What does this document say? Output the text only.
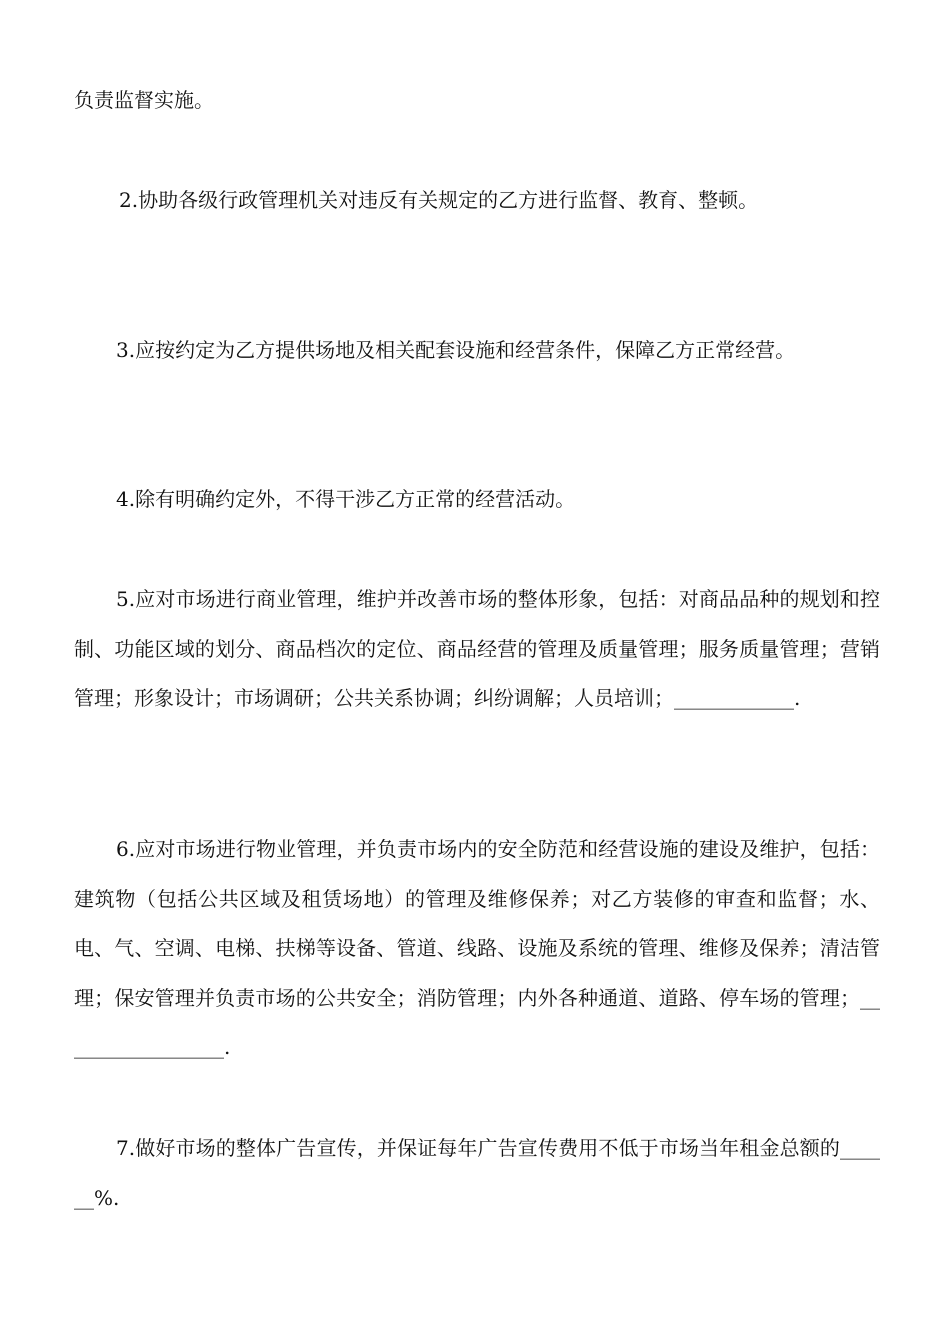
负责监督实施。

2.协助各级行政管理机关对违反有关规定的乙方进行监督、教育、整顿。

3.应按约定为乙方提供场地及相关配套设施和经营条件，保障乙方正常经营。

4.除有明确约定外，不得干涉乙方正常的经营活动。

5.应对市场进行商业管理，维护并改善市场的整体形象，包括：对商品品种的规划和控制、功能区域的划分、商品档次的定位、商品经营的管理及质量管理；服务质量管理；营销管理；形象设计；市场调研；公共关系协调；纠纷调解；人员培训；____________.

6.应对市场进行物业管理，并负责市场内的安全防范和经营设施的建设及维护，包括：建筑物（包括公共区域及租赁场地）的管理及维修保养；对乙方装修的审查和监督；水、电、气、空调、电梯、扶梯等设备、管道、线路、设施及系统的管理、维修及保养；清洁管理；保安管理并负责市场的公共安全；消防管理；内外各种通道、道路、停车场的管理；_________________.

7.做好市场的整体广告宣传，并保证每年广告宣传费用不低于市场当年租金总额的______%.
